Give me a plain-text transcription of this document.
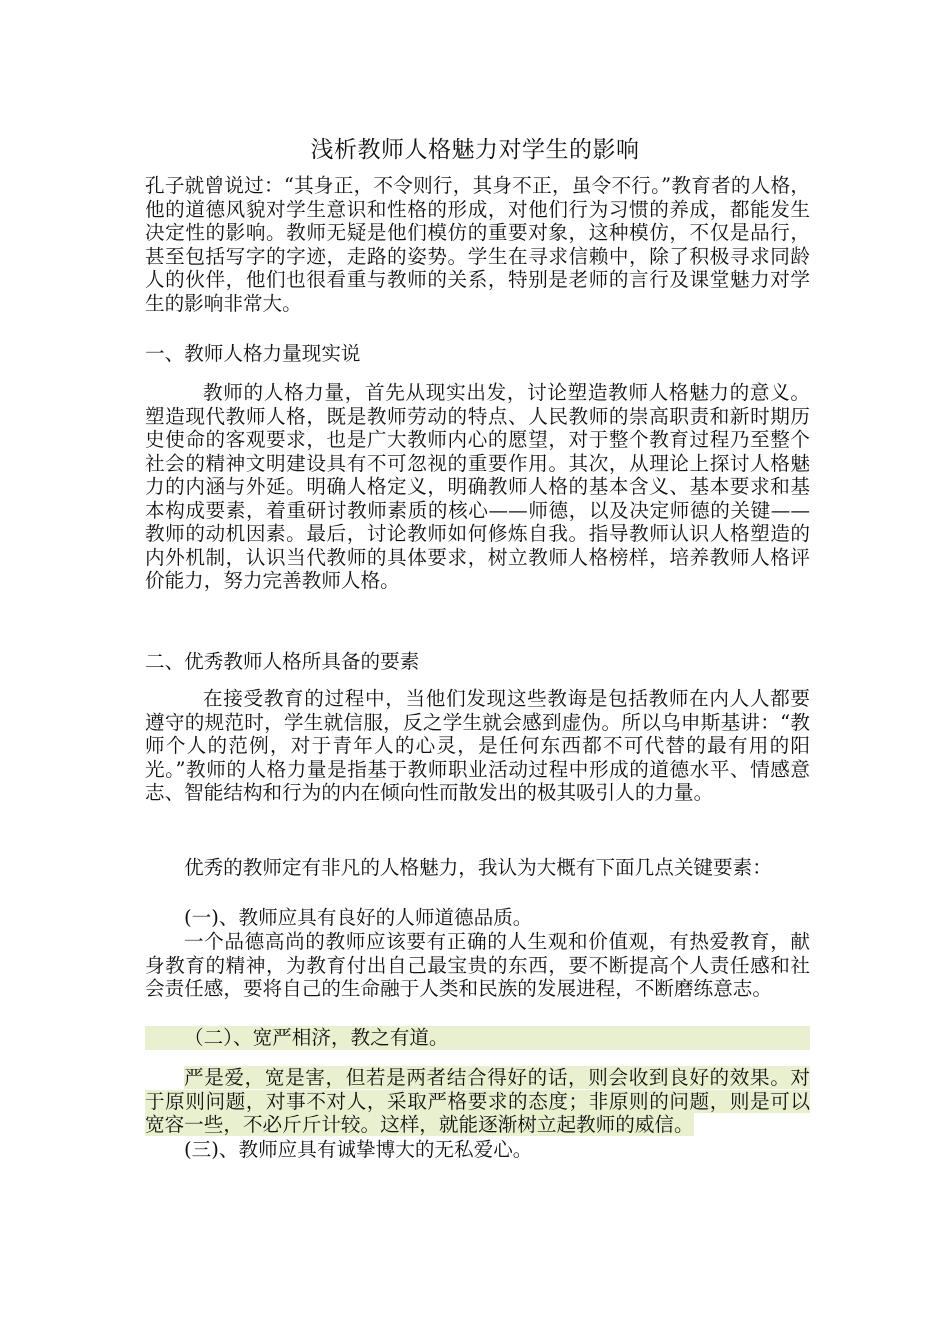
浅析教师人格魅力对学生的影响

孔子就曾说过：“其身正，不令则行，其身不正，虽令不行。”教育者的人格，他的道德风貌对学生意识和性格的形成，对他们行为习惯的养成，都能发生决定性的影响。教师无疑是他们模仿的重要对象，这种模仿，不仅是品行，甚至包括写字的字迹，走路的姿势。学生在寻求信赖中，除了积极寻求同龄人的伙伴，他们也很看重与教师的关系，特别是老师的言行及课堂魅力对学生的影响非常大。

一、教师人格力量现实说

教师的人格力量，首先从现实出发，讨论塑造教师人格魅力的意义。塑造现代教师人格，既是教师劳动的特点、人民教师的崇高职责和新时期历史使命的客观要求，也是广大教师内心的愿望，对于整个教育过程乃至整个社会的精神文明建设具有不可忽视的重要作用。其次，从理论上探讨人格魅力的内涵与外延。明确人格定义，明确教师人格的基本含义、基本要求和基本构成要素，着重研讨教师素质的核心——师德，以及决定师德的关键——教师的动机因素。最后，讨论教师如何修炼自我。指导教师认识人格塑造的内外机制，认识当代教师的具体要求，树立教师人格榜样，培养教师人格评价能力，努力完善教师人格。

二、优秀教师人格所具备的要素

在接受教育的过程中，当他们发现这些教诲是包括教师在内人人都要遵守的规范时，学生就信服，反之学生就会感到虚伪。所以乌申斯基讲：“教师个人的范例，对于青年人的心灵，是任何东西都不可代替的最有用的阳光。”教师的人格力量是指基于教师职业活动过程中形成的道德水平、情感意志、智能结构和行为的内在倾向性而散发出的极其吸引人的力量。

优秀的教师定有非凡的人格魅力，我认为大概有下面几点关键要素：

(一)、教师应具有良好的人师道德品质。

一个品德高尚的教师应该要有正确的人生观和价值观，有热爱教育，献身教育的精神，为教育付出自己最宝贵的东西，要不断提高个人责任感和社会责任感，要将自己的生命融于人类和民族的发展进程，不断磨练意志。

（二）、宽严相济，教之有道。

严是爱，宽是害，但若是两者结合得好的话，则会收到良好的效果。对于原则问题，对事不对人，采取严格要求的态度；非原则的问题，则是可以宽容一些，不必斤斤计较。这样，就能逐渐树立起教师的威信。

(三)、教师应具有诚挚博大的无私爱心。
